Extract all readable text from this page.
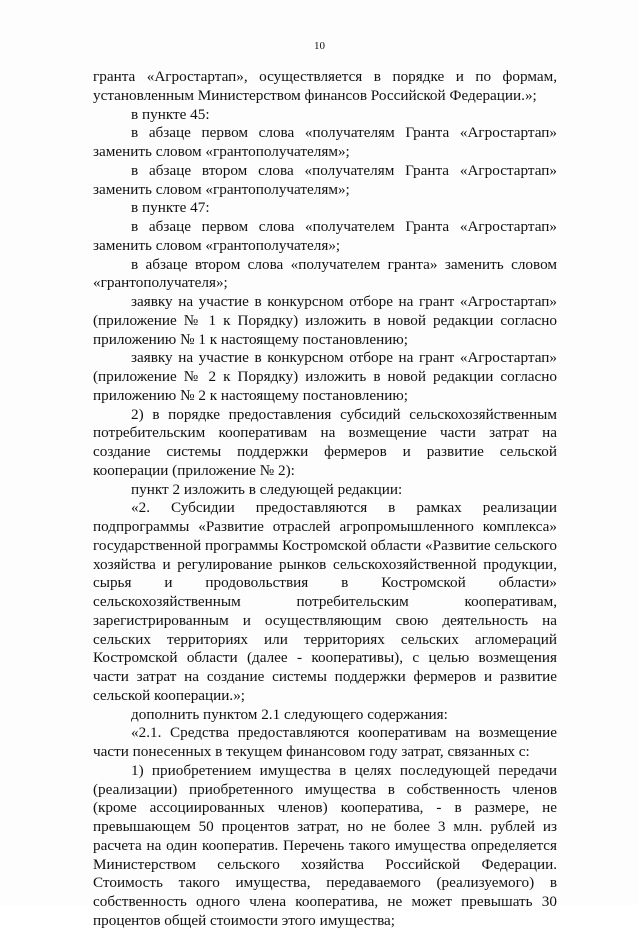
10

гранта «Агростартап», осуществляется в порядке и по формам, установленным Министерством финансов Российской Федерации.»;

в пункте 45:

в абзаце первом слова «получателям Гранта «Агростартап» заменить словом «грантополучателям»;

в абзаце втором слова «получателям Гранта «Агростартап» заменить словом «грантополучателям»;

в пункте 47:

в абзаце первом слова «получателем Гранта «Агростартап» заменить словом «грантополучателя»;

в абзаце втором слова «получателем гранта» заменить словом «грантополучателя»;

заявку на участие в конкурсном отборе на грант «Агростартап» (приложение № 1 к Порядку) изложить в новой редакции согласно приложению № 1 к настоящему постановлению;

заявку на участие в конкурсном отборе на грант «Агростартап» (приложение № 2 к Порядку) изложить в новой редакции согласно приложению № 2 к настоящему постановлению;

2) в порядке предоставления субсидий сельскохозяйственным потребительским кооперативам на возмещение части затрат на создание системы поддержки фермеров и развитие сельской кооперации (приложение № 2):

пункт 2 изложить в следующей редакции:

«2. Субсидии предоставляются в рамках реализации подпрограммы «Развитие отраслей агропромышленного комплекса» государственной программы Костромской области «Развитие сельского хозяйства и регулирование рынков сельскохозяйственной продукции, сырья и продовольствия в Костромской области» сельскохозяйственным потребительским кооперативам, зарегистрированным и осуществляющим свою деятельность на сельских территориях или территориях сельских агломераций Костромской области (далее - кооперативы), с целью возмещения части затрат на создание системы поддержки фермеров и развитие сельской кооперации.»;

дополнить пунктом 2.1 следующего содержания:

«2.1. Средства предоставляются кооперативам на возмещение части понесенных в текущем финансовом году затрат, связанных с:

1) приобретением имущества в целях последующей передачи (реализации) приобретенного имущества в собственность членов (кроме ассоциированных членов) кооператива, - в размере, не превышающем 50 процентов затрат, но не более 3 млн. рублей из расчета на один кооператив. Перечень такого имущества определяется Министерством сельского хозяйства Российской Федерации. Стоимость такого имущества, передаваемого (реализуемого) в собственность одного члена кооператива, не может превышать 30 процентов общей стоимости этого имущества;
